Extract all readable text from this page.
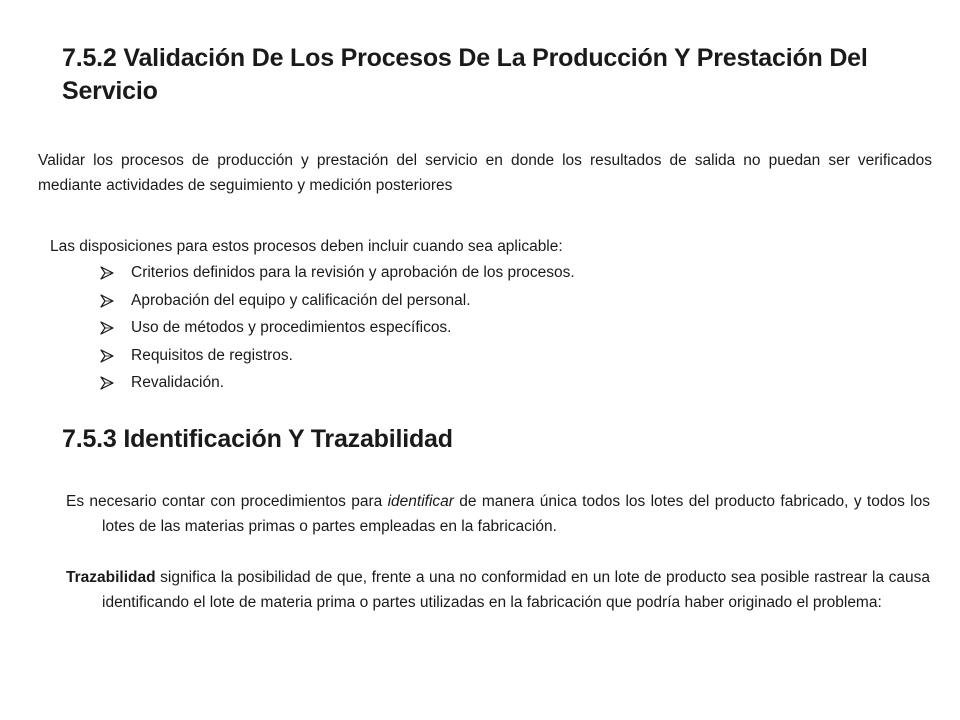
7.5.2 Validación De Los Procesos De La Producción Y Prestación Del Servicio
Validar los procesos de producción y prestación del servicio en donde los resultados de salida no puedan ser verificados mediante actividades de seguimiento y medición posteriores
Las disposiciones para estos procesos deben incluir cuando sea aplicable:
Criterios definidos para la revisión y aprobación de los procesos.
Aprobación del equipo y calificación del personal.
Uso de métodos y procedimientos específicos.
Requisitos de registros.
Revalidación.
7.5.3 Identificación Y Trazabilidad
Es necesario contar con procedimientos para identificar de manera única todos los lotes del producto fabricado, y todos los lotes de las materias primas o partes empleadas en la fabricación.
Trazabilidad significa la posibilidad de que, frente a una no conformidad en un lote de producto sea posible rastrear la causa identificando el lote de materia prima o partes utilizadas en la fabricación que podría haber originado el problema:
